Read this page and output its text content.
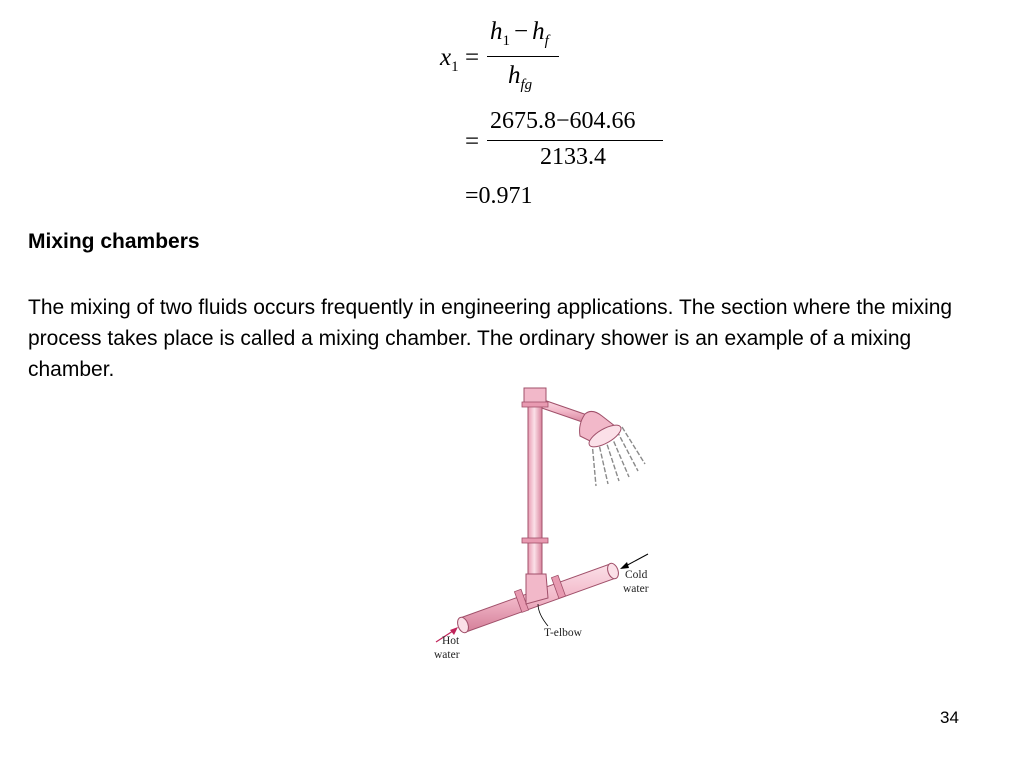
x1 =
h1 − hf
hfg
=
2675.8−604.66
2133.4
=0.971
Mixing chambers

The mixing of two fluids occurs frequently in engineering applications. The section where the mixing process takes place is called a mixing chamber. The ordinary shower is an example of a mixing chamber.

Cold
water
Hot
water
T-elbow
34
